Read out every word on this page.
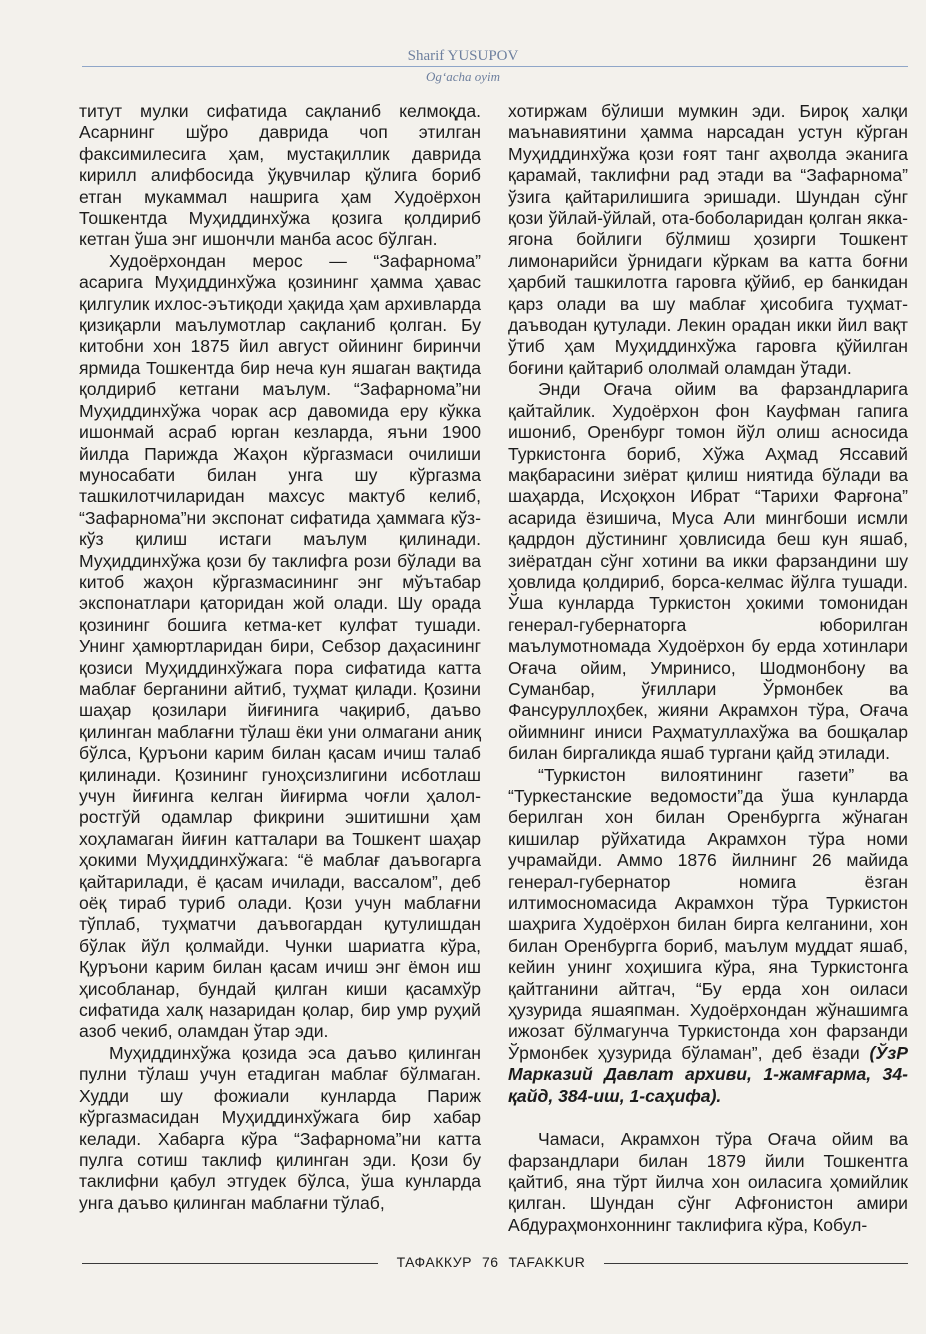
Sharif YUSUPOV
Og‘acha oyim

титут мулки сифатида сақланиб келмоқда. Асарнинг шўро даврида чоп этилган факсимилесига ҳам, мустақиллик даврида кирилл алифбосида ўқувчилар қўлига бориб етган мукаммал нашрига ҳам Худоёрхон Тошкентда Муҳиддинхўжа қозига қолдириб кетган ўша энг ишончли манба асос бўлган.

Худоёрхондан мерос — “Зафарнома” асарига Муҳиддинхўжа қозининг ҳамма ҳавас қилгулик ихлос-эътиқоди ҳақида ҳам архивларда қизиқарли маълумотлар сақланиб қолган. Бу китобни хон 1875 йил август ойининг биринчи ярмида Тошкентда бир неча кун яшаган вақтида қолдириб кетгани маълум. “Зафарнома”ни Муҳиддинхўжа чорак аср давомида еру кўкка ишонмай асраб юрган кезларда, яъни 1900 йилда Парижда Жаҳон кўргазмаси очилиши муносабати билан унга шу кўргазма ташкилотчиларидан махсус мактуб келиб, “Зафарнома”ни экспонат сифатида ҳаммага кўз-кўз қилиш истаги маълум қилинади. Муҳиддинхўжа қози бу таклифга рози бўлади ва китоб жаҳон кўргазмасининг энг мўътабар экспонатлари қаторидан жой олади. Шу орада қозининг бошига кетма-кет кулфат тушади. Унинг ҳамюртларидан бири, Себзор даҳасининг қозиси Муҳиддинхўжага пора сифатида катта маблағ берганини айтиб, туҳмат қилади. Қозини шаҳар қозилари йиғинига чақириб, даъво қилинган маблағни тўлаш ёки уни олмагани аниқ бўлса, Қуръони карим билан қасам ичиш талаб қилинади. Қозининг гуноҳсизлигини исботлаш учун йиғинга келган йиғирма чоғли ҳалол-ростгўй одамлар фикрини эшитишни ҳам хоҳламаган йиғин катталари ва Тошкент шаҳар ҳокими Муҳиддинхўжага: “ё маблағ даъвогарга қайтарилади, ё қасам ичилади, вассалом”, деб оёқ тираб туриб олади. Қози учун маблағни тўплаб, туҳматчи даъвогардан қутулишдан бўлак йўл қолмайди. Чунки шариатга кўра, Қуръони карим билан қасам ичиш энг ёмон иш ҳисобланар, бундай қилган киши қасамхўр сифатида халқ назаридан қолар, бир умр руҳий азоб чекиб, оламдан ўтар эди.

Муҳиддинхўжа қозида эса даъво қилинган пулни тўлаш учун етадиган маблағ бўлмаган. Худди шу фожиали кунларда Париж кўргазмасидан Муҳиддинхўжага бир хабар келади. Хабарга кўра “Зафарнома”ни катта пулга сотиш таклиф қилинган эди. Қози бу таклифни қабул этгудек бўлса, ўша кунларда унга даъво қилинган маблағни тўлаб,

хотиржам бўлиши мумкин эди. Бироқ халқи маънавиятини ҳамма нарсадан устун кўрган Муҳиддинхўжа қози ғоят танг аҳволда эканига қарамай, таклифни рад этади ва “Зафарнома” ўзига қайтарилишига эришади. Шундан сўнг қози ўйлай-ўйлай, ота-боболаридан қолган якка-ягона бойлиги бўлмиш ҳозирги Тошкент лимонарийси ўрнидаги кўркам ва катта боғни ҳарбий ташкилотга гаровга қўйиб, ер банкидан қарз олади ва шу маблағ ҳисобига туҳмат-даъводан қутулади. Лекин орадан икки йил вақт ўтиб ҳам Муҳиддинхўжа гаровга қўйилган боғини қайтариб ололмай оламдан ўтади.

Энди Оғача ойим ва фарзандларига қайтайлик. Худоёрхон фон Кауфман гапига ишониб, Оренбург томон йўл олиш асносида Туркистонга бориб, Хўжа Аҳмад Яссавий мақбарасини зиёрат қилиш ниятида бўлади ва шаҳарда, Исҳоқхон Ибрат “Тарихи Фарғона” асарида ёзишича, Муса Али мингбоши исмли қадрдон дўстининг ҳовлисида беш кун яшаб, зиёратдан сўнг хотини ва икки фарзандини шу ҳовлида қолдириб, борса-келмас йўлга тушади. Ўша кунларда Туркистон ҳокими томонидан генерал-губернаторга юборилган маълумотномада Худоёрхон бу ерда хотинлари Оғача ойим, Умринисо, Шодмонбону ва Суманбар, ўғиллари Ўрмонбек ва Фансуруллоҳбек, жияни Акрамхон тўра, Оғача ойимнинг иниси Раҳматуллахўжа ва бошқалар билан биргаликда яшаб тургани қайд этилади.

“Туркистон вилоятининг газети” ва “Туркестанские ведомости”да ўша кунларда берилган хон билан Оренбургга жўнаган кишилар рўйхатида Акрамхон тўра номи учрамайди. Аммо 1876 йилнинг 26 майида генерал-губернатор номига ёзган илтимосномасида Акрамхон тўра Туркистон шаҳрига Худоёрхон билан бирга келганини, хон билан Оренбургга бориб, маълум муддат яшаб, кейин унинг хоҳишига кўра, яна Туркистонга қайтганини айтгач, “Бу ерда хон оиласи ҳузурида яшаяпман. Худоёрхондан жўнашимга ижозат бўлмагунча Туркистонда хон фарзанди Ўрмонбек ҳузурида бўламан”, деб ёзади (ЎзР Марказий Давлат архиви, 1-жамғарма, 34-қайд, 384-иш, 1-саҳифа).

Чамаси, Акрамхон тўра Оғача ойим ва фарзандлари билан 1879 йили Тошкентга қайтиб, яна тўрт йилча хон оиласига ҳомийлик қилган. Шундан сўнг Афғонистон амири Абдураҳмонхоннинг таклифига кўра, Кобул-

ТАФАККУР 76 TAFAKKUR
